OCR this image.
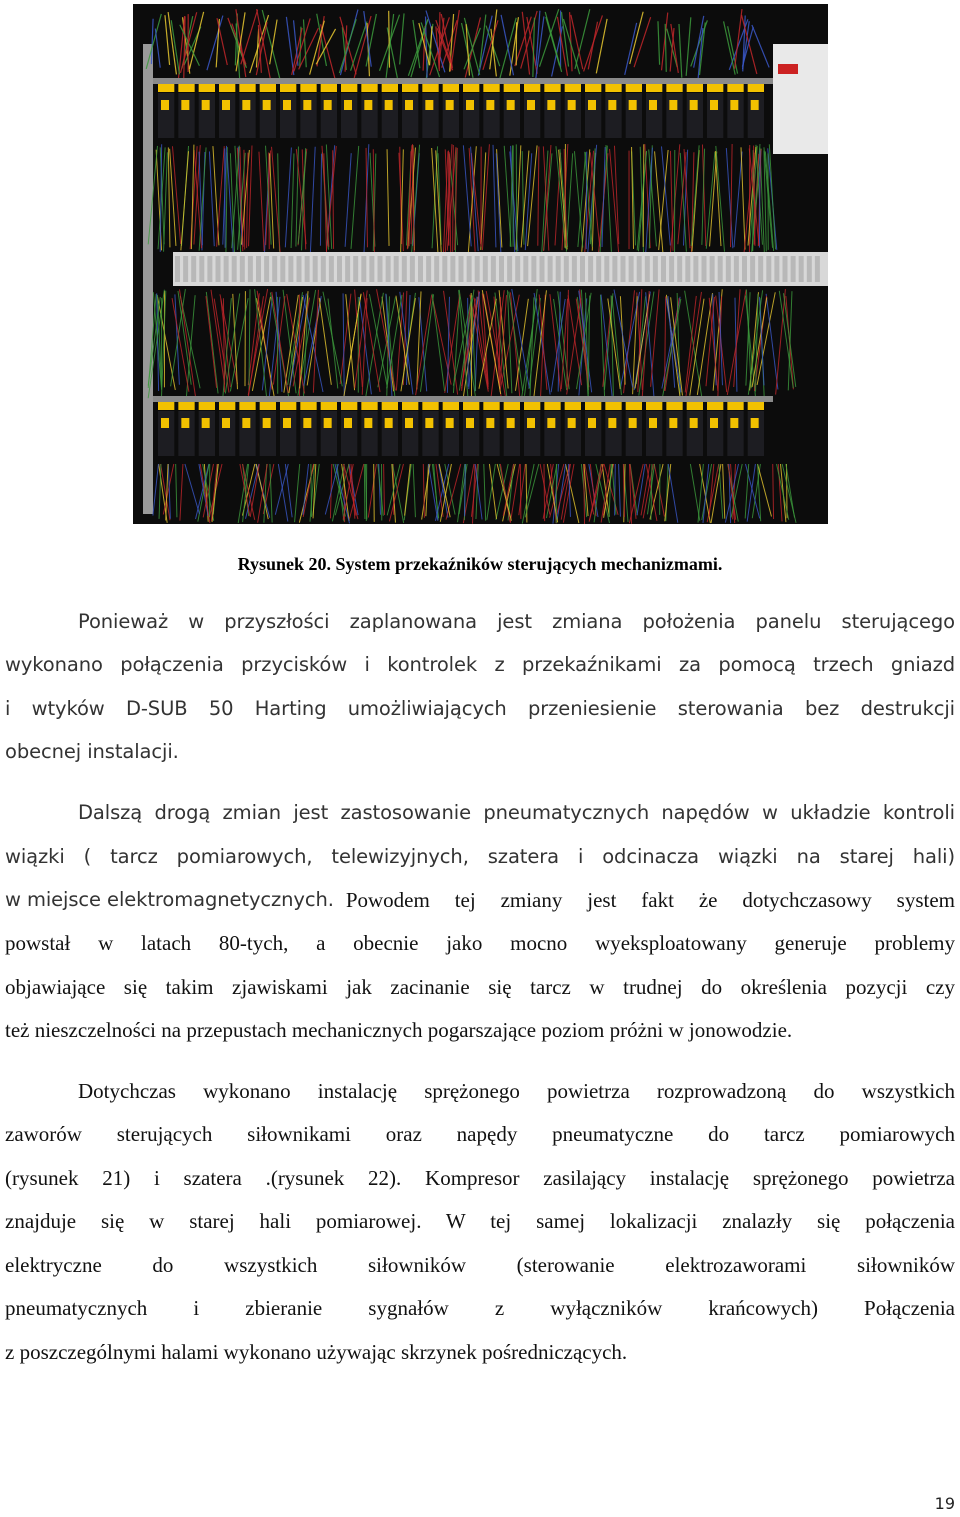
Rysunek 20. System przekaźników sterujących mechanizmami.
Ponieważ w przyszłości zaplanowana jest zmiana położenia panelu sterującego
wykonano połączenia przycisków i kontrolek z przekaźnikami za pomocą trzech gniazd
i wtyków D-SUB 50 Harting umożliwiających przeniesienie sterowania bez destrukcji
obecnej instalacji.
Dalszą drogą zmian jest zastosowanie pneumatycznych napędów w układzie kontroli
wiązki ( tarcz pomiarowych, telewizyjnych, szatera i odcinacza wiązki na starej hali)
w miejsce elektromagnetycznych. Powodem tej zmiany jest fakt że dotychczasowy system
powstał w latach 80-tych, a obecnie jako mocno wyeksploatowany generuje problemy
objawiające się takim zjawiskami jak zacinanie się tarcz w trudnej do określenia pozycji czy
też nieszczelności na przepustach mechanicznych pogarszające poziom próżni w jonowodzie.
Dotychczas wykonano instalację sprężonego powietrza rozprowadzoną do wszystkich
zaworów sterujących siłownikami oraz napędy pneumatyczne do tarcz pomiarowych
(rysunek 21) i szatera .(rysunek 22). Kompresor zasilający instalację sprężonego powietrza
znajduje się w starej hali pomiarowej. W tej samej lokalizacji znalazły się połączenia
elektryczne do wszystkich siłowników (sterowanie elektrozaworami siłowników
pneumatycznych i zbieranie sygnałów z wyłączników krańcowych) Połączenia
z poszczególnymi halami wykonano używając skrzynek pośredniczących.
19
